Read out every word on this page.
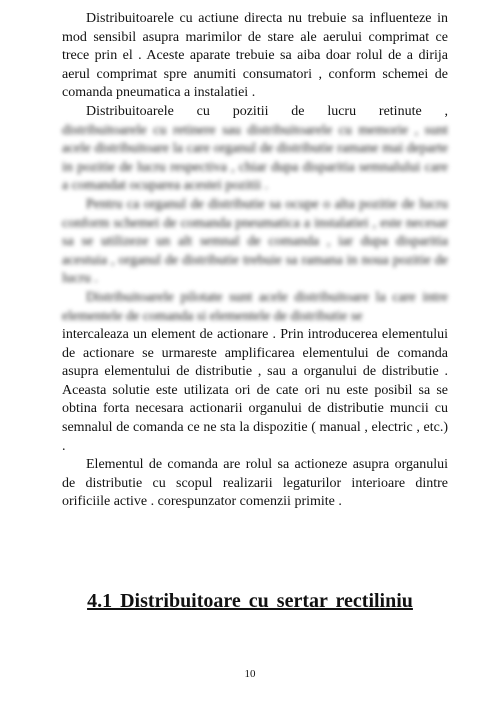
Distribuitoarele cu actiune directa nu trebuie sa influenteze in mod sensibil asupra marimilor de stare ale aerului comprimat ce trece prin el . Aceste aparate trebuie sa aiba doar rolul de a dirija aerul comprimat spre anumiti consumatori , conform schemei de comanda pneumatica a instalatiei .

Distribuitoarele cu pozitii de lucru retinute ,

distribuitoarele cu retinere sau distribuitoarele cu memorie , sunt acele distribuitoare la care organul de distributie ramane mai departe in pozitie de lucru respectiva , chiar dupa disparitia semnalului care a comandat ocuparea acestei pozitii .

Pentru ca organul de distributie sa ocupe o alta pozitie de lucru conform schemei de comanda pneumatica a instalatiei , este necesar sa se utilizeze un alt semnal de comanda , iar dupa disparitia acestuia , organul de distributie trebuie sa ramana in noua pozitie de lucru .

Distribuitoarele pilotate sunt acele distribuitoare la care intre elementele de comanda si elementele de distributie se

intercaleaza un element de actionare . Prin introducerea elementului de actionare se urmareste amplificarea elementului de comanda asupra elementului de distributie , sau a organului de distributie . Aceasta solutie este utilizata ori de cate ori nu este posibil sa se obtina forta necesara actionarii organului de distributie muncii cu semnalul de comanda ce ne sta la dispozitie ( manual , electric , etc.) .

Elementul de comanda are rolul sa actioneze asupra organului de distributie cu scopul realizarii legaturilor interioare dintre orificiile active . corespunzator comenzii primite .

4.1 Distribuitoare cu sertar rectiliniu
10
